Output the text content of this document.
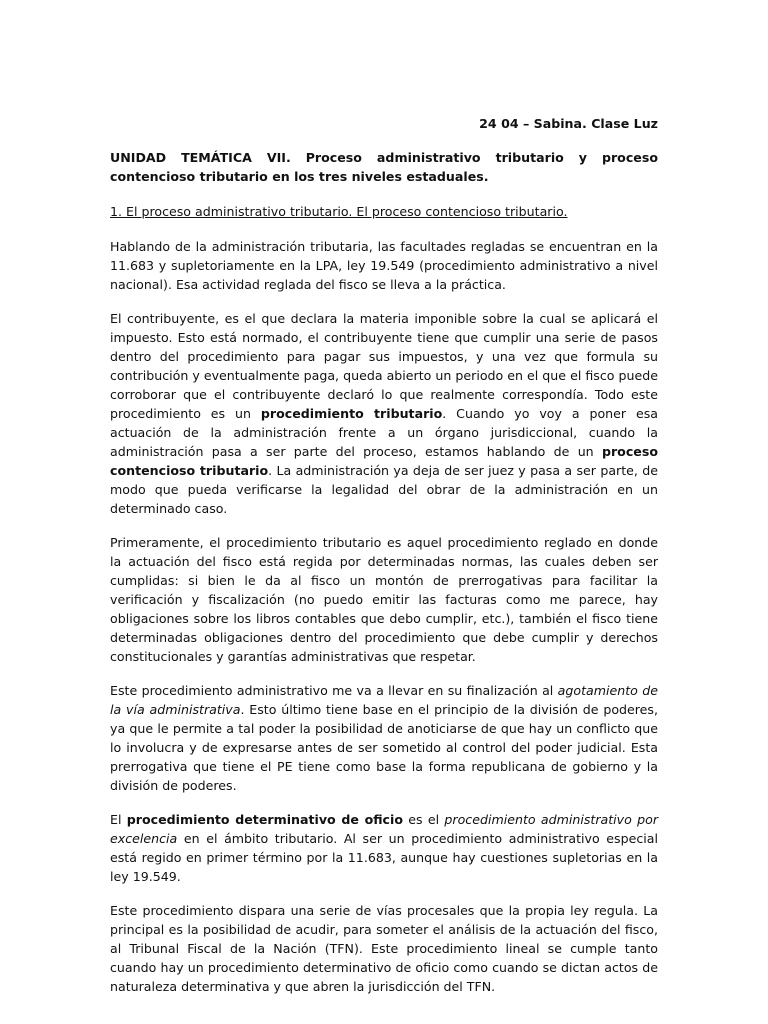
24 04 – Sabina. Clase Luz

UNIDAD TEMÁTICA VII. Proceso administrativo tributario y proceso contencioso tributario en los tres niveles estaduales.

1. El proceso administrativo tributario. El proceso contencioso tributario.

Hablando de la administración tributaria, las facultades regladas se encuentran en la 11.683 y supletoriamente en la LPA, ley 19.549 (procedimiento administrativo a nivel nacional). Esa actividad reglada del fisco se lleva a la práctica.

El contribuyente, es el que declara la materia imponible sobre la cual se aplicará el impuesto. Esto está normado, el contribuyente tiene que cumplir una serie de pasos dentro del procedimiento para pagar sus impuestos, y una vez que formula su contribución y eventualmente paga, queda abierto un periodo en el que el fisco puede corroborar que el contribuyente declaró lo que realmente correspondía. Todo este procedimiento es un procedimiento tributario. Cuando yo voy a poner esa actuación de la administración frente a un órgano jurisdiccional, cuando la administración pasa a ser parte del proceso, estamos hablando de un proceso contencioso tributario. La administración ya deja de ser juez y pasa a ser parte, de modo que pueda verificarse la legalidad del obrar de la administración en un determinado caso.

Primeramente, el procedimiento tributario es aquel procedimiento reglado en donde la actuación del fisco está regida por determinadas normas, las cuales deben ser cumplidas: si bien le da al fisco un montón de prerrogativas para facilitar la verificación y fiscalización (no puedo emitir las facturas como me parece, hay obligaciones sobre los libros contables que debo cumplir, etc.), también el fisco tiene determinadas obligaciones dentro del procedimiento que debe cumplir y derechos constitucionales y garantías administrativas que respetar.

Este procedimiento administrativo me va a llevar en su finalización al agotamiento de la vía administrativa. Esto último tiene base en el principio de la división de poderes, ya que le permite a tal poder la posibilidad de anoticiarse de que hay un conflicto que lo involucra y de expresarse antes de ser sometido al control del poder judicial. Esta prerrogativa que tiene el PE tiene como base la forma republicana de gobierno y la división de poderes.

El procedimiento determinativo de oficio es el procedimiento administrativo por excelencia en el ámbito tributario. Al ser un procedimiento administrativo especial está regido en primer término por la 11.683, aunque hay cuestiones supletorias en la ley 19.549.

Este procedimiento dispara una serie de vías procesales que la propia ley regula. La principal es la posibilidad de acudir, para someter el análisis de la actuación del fisco, al Tribunal Fiscal de la Nación (TFN). Este procedimiento lineal se cumple tanto cuando hay un procedimiento determinativo de oficio como cuando se dictan actos de naturaleza determinativa y que abren la jurisdicción del TFN.
